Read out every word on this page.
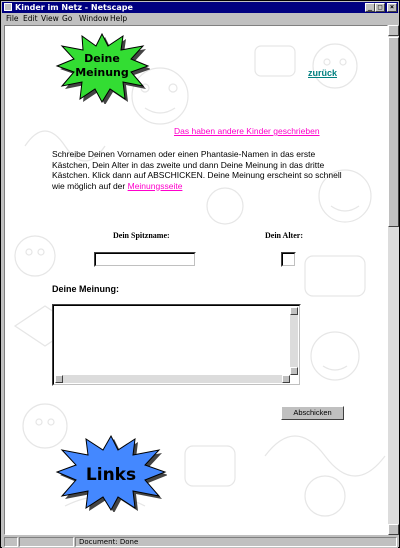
Kinder im Netz - Netscape	_ □	×
File Edit View Go Window Help
Deine
Meinung	zurück
Das haben andere Kinder geschrieben
Schreibe Deinen Vornamen oder einen Phantasie-Namen in das erste Kästchen, Dein Alter in das zweite und dann Deine Meinung in das dritte Kästchen. Klick dann auf ABSCHICKEN. Deine Meinung erscheint so schnell wie möglich auf der Meinungsseite
Dein Spitzname:	Dein Alter:
Deine Meinung:
Abschicken
Links
Document: Done
